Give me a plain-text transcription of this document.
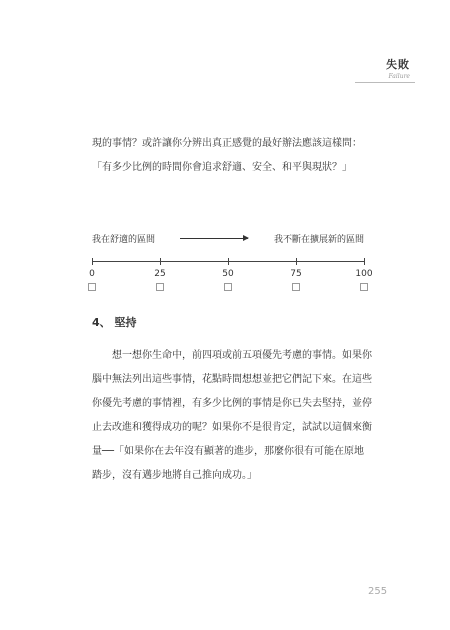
失敗
Failure
現的事情？或許讓你分辨出真正感覺的最好辦法應該這樣問：「有多少比例的時間你會追求舒適、安全、和平與現狀？」
我在舒適的區間	我不斷在擴展新的區間
0	25	50	75	100
4、 堅持
想一想你生命中，前四項或前五項優先考慮的事情。如果你腦中無法列出這些事情，花點時間想想並把它們記下來。在這些你優先考慮的事情裡，有多少比例的事情是你已失去堅持，並停止去改進和獲得成功的呢？如果你不是很肯定，試試以這個來衡量──「如果你在去年沒有顯著的進步，那麼你很有可能在原地踏步，沒有邁步地將自己推向成功。」
255
